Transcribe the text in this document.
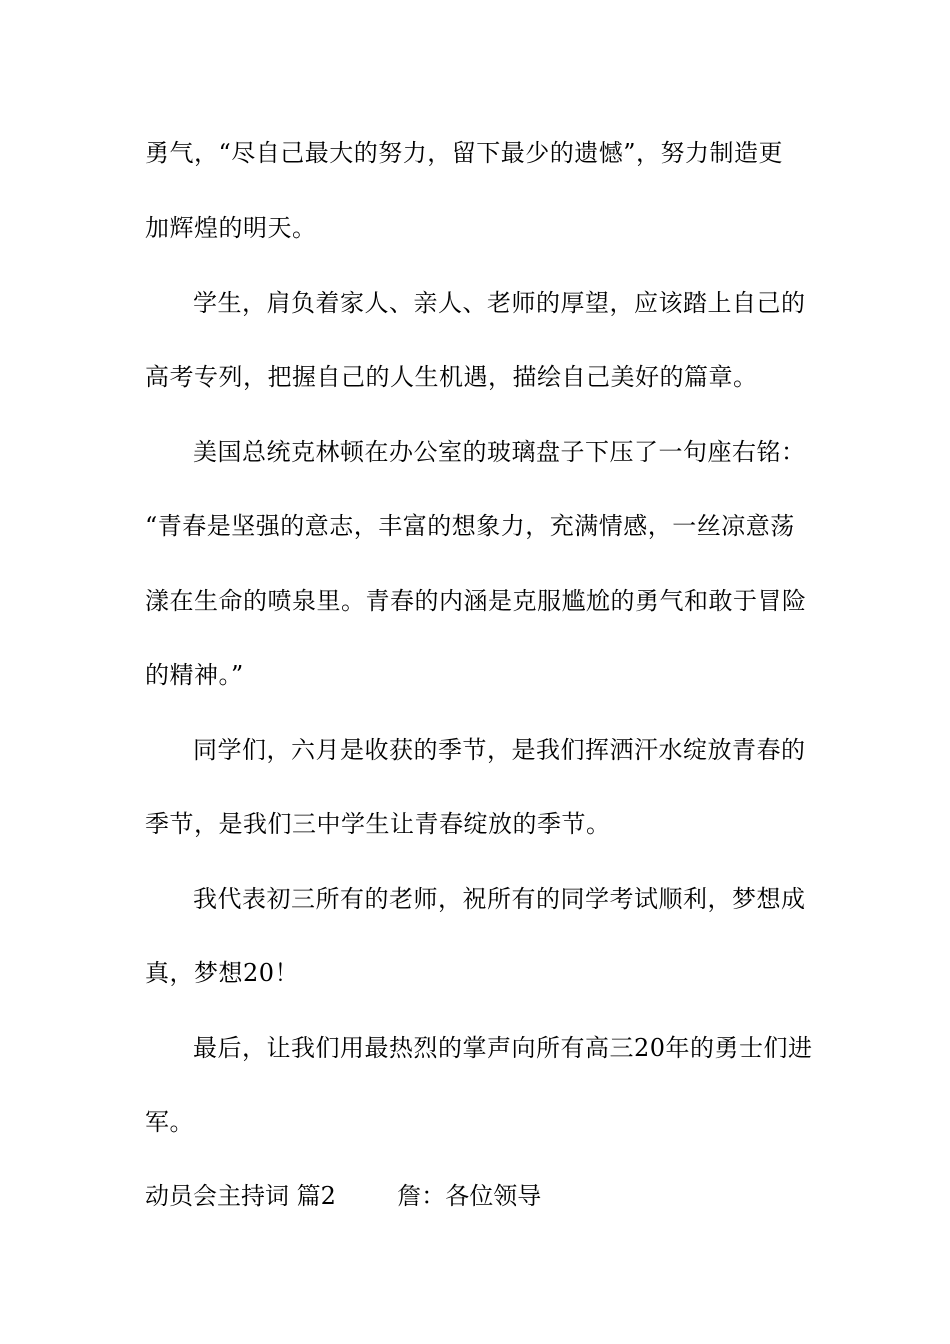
勇气，“尽自己最大的努力，留下最少的遗憾”，努力制造更
加辉煌的明天。
学生，肩负着家人、亲人、老师的厚望，应该踏上自己的
高考专列，把握自己的人生机遇，描绘自己美好的篇章。
美国总统克林顿在办公室的玻璃盘子下压了一句座右铭：
“青春是坚强的意志，丰富的想象力，充满情感，一丝凉意荡
漾在生命的喷泉里。青春的内涵是克服尴尬的勇气和敢于冒险
的精神。”
同学们，六月是收获的季节，是我们挥洒汗水绽放青春的
季节，是我们三中学生让青春绽放的季节。
我代表初三所有的老师，祝所有的同学考试顺利，梦想成
真，梦想20！
最后，让我们用最热烈的掌声向所有高三20年的勇士们进
军。
动员会主持词 篇2	詹：各位领导
